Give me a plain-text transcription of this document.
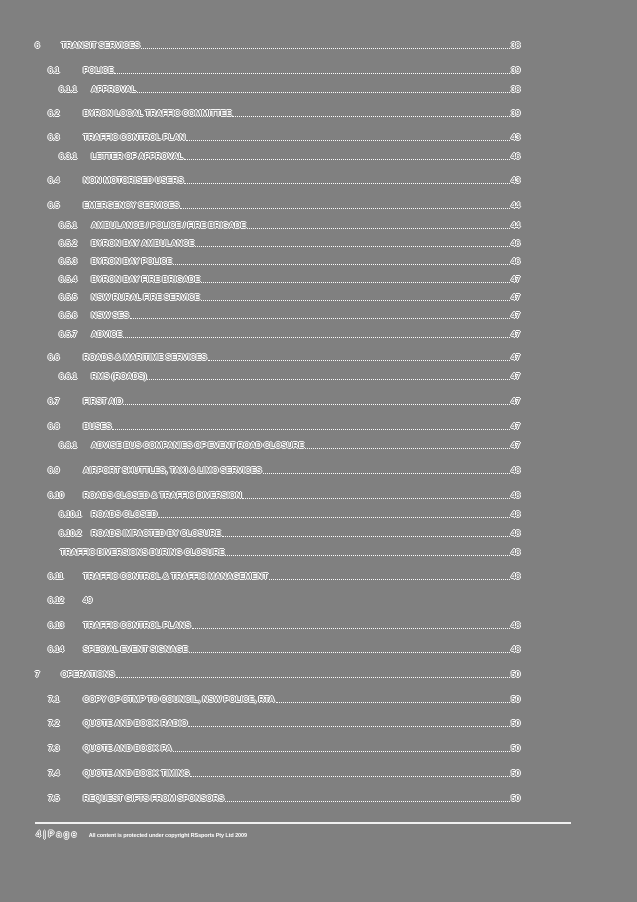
6	TRANSIT SERVICES	38
6.1	POLICE	39
6.1.1 APPROVAL	38
6.2	BYRON LOCAL TRAFFIC COMMITTEE	39
6.3	TRAFFIC CONTROL PLAN	43
6.3.1 LETTER OF APPROVAL	46
6.4	NON MOTORISED USERS	43
6.5	EMERGENCY SERVICES	44
6.5.1 AMBULANCE / POLICE / FIRE BRIGADE	44
6.5.2 BYRON BAY AMBULANCE	46
6.5.3 BYRON BAY POLICE	46
6.5.4 BYRON BAY FIRE BRIGADE	47
6.5.5 NSW RURAL FIRE SERVICE	47
6.5.6 NSW SES	47
6.5.7 ADVICE	47
6.6	ROADS & MARITIME SERVICES	47
6.6.1 RMS (ROADS)	47
6.7	FIRST AID	47
6.8	BUSES	47
6.8.1 ADVISE BUS COMPANIES OF EVENT ROAD CLOSURE	47
6.9	AIRPORT SHUTTLES, TAXI & LIMO SERVICES	48
6.10 ROADS CLOSED & TRAFFIC DIVERSION	48
6.10.1 ROADS CLOSED	48
6.10.2 ROADS IMPACTED BY CLOSURE	48
TRAFFIC DIVERSIONS DURING CLOSURE	48
6.11 TRAFFIC CONTROL & TRAFFIC MANAGEMENT	48
6.12 49
6.13 TRAFFIC CONTROL PLANS	48
6.14 SPECIAL EVENT SIGNAGE	48
7	OPERATIONS	50
7.1	COPY OF CTMP TO COUNCIL, NSW POLICE, RTA	50
7.2	QUOTE AND BOOK RADIO	50
7.3	QUOTE AND BOOK PA	50
7.4	QUOTE AND BOOK TIMING	50
7.5	REQUEST GIFTS FROM SPONSORS	50
4 | P a g e All content is protected under copyright RSsports Pty Ltd 2009
